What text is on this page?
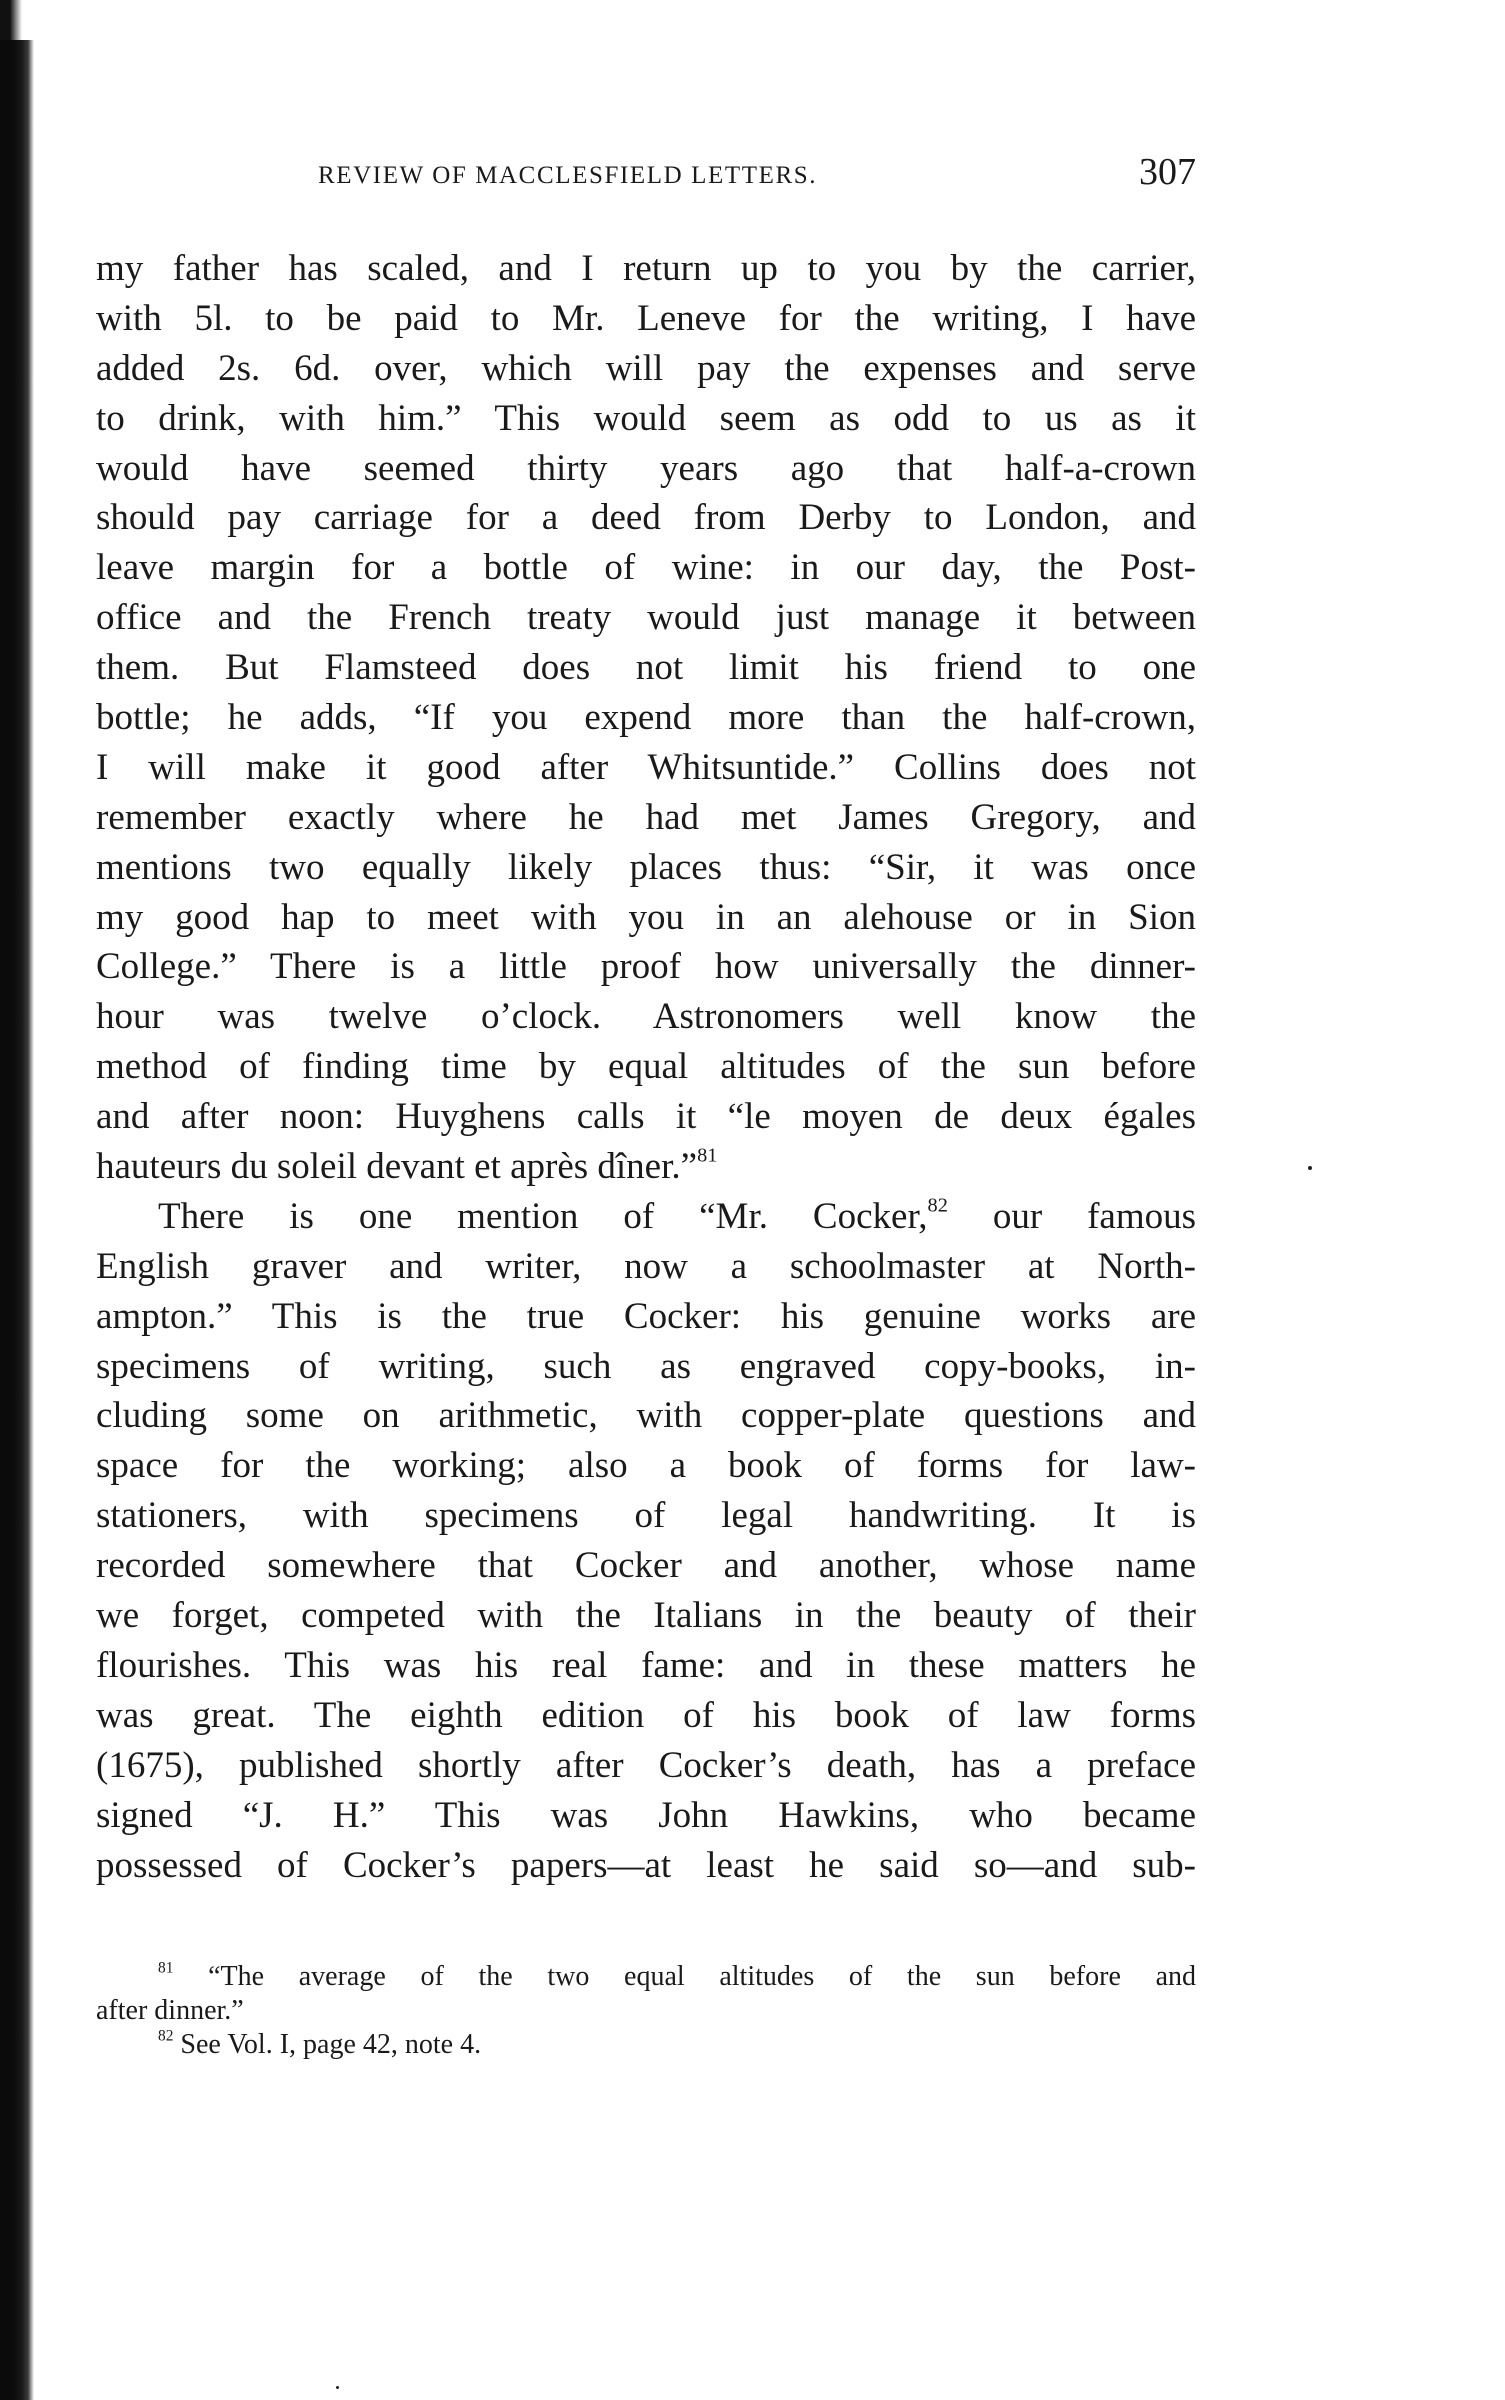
REVIEW OF MACCLESFIELD LETTERS.	307
my father has scaled, and I return up to you by the carrier,
with 5l. to be paid to Mr. Leneve for the writing, I have
added 2s. 6d. over, which will pay the expenses and serve
to drink, with him.” This would seem as odd to us as it
would have seemed thirty years ago that half-a-crown
should pay carriage for a deed from Derby to London, and
leave margin for a bottle of wine: in our day, the Post-
office and the French treaty would just manage it between
them. But Flamsteed does not limit his friend to one
bottle; he adds, “If you expend more than the half-crown,
I will make it good after Whitsuntide.” Collins does not
remember exactly where he had met James Gregory, and
mentions two equally likely places thus: “Sir, it was once
my good hap to meet with you in an alehouse or in Sion
College.” There is a little proof how universally the dinner-
hour was twelve o’clock. Astronomers well know the
method of finding time by equal altitudes of the sun before
and after noon: Huyghens calls it “le moyen de deux égales
hauteurs du soleil devant et après dîner.”$^{81}$
There is one mention of “Mr. Cocker,$^{82}$ our famous
English graver and writer, now a schoolmaster at North-
ampton.” This is the true Cocker: his genuine works are
specimens of writing, such as engraved copy-books, in-
cluding some on arithmetic, with copper-plate questions and
space for the working; also a book of forms for law-
stationers, with specimens of legal handwriting. It is
recorded somewhere that Cocker and another, whose name
we forget, competed with the Italians in the beauty of their
flourishes. This was his real fame: and in these matters he
was great. The eighth edition of his book of law forms
(1675), published shortly after Cocker’s death, has a preface
signed “J. H.” This was John Hawkins, who became
possessed of Cocker’s papers—at least he said so—and sub-
$^{81}$ “The average of the two equal altitudes of the sun before and
after dinner.”
$^{82}$ See Vol. I, page 42, note 4.
